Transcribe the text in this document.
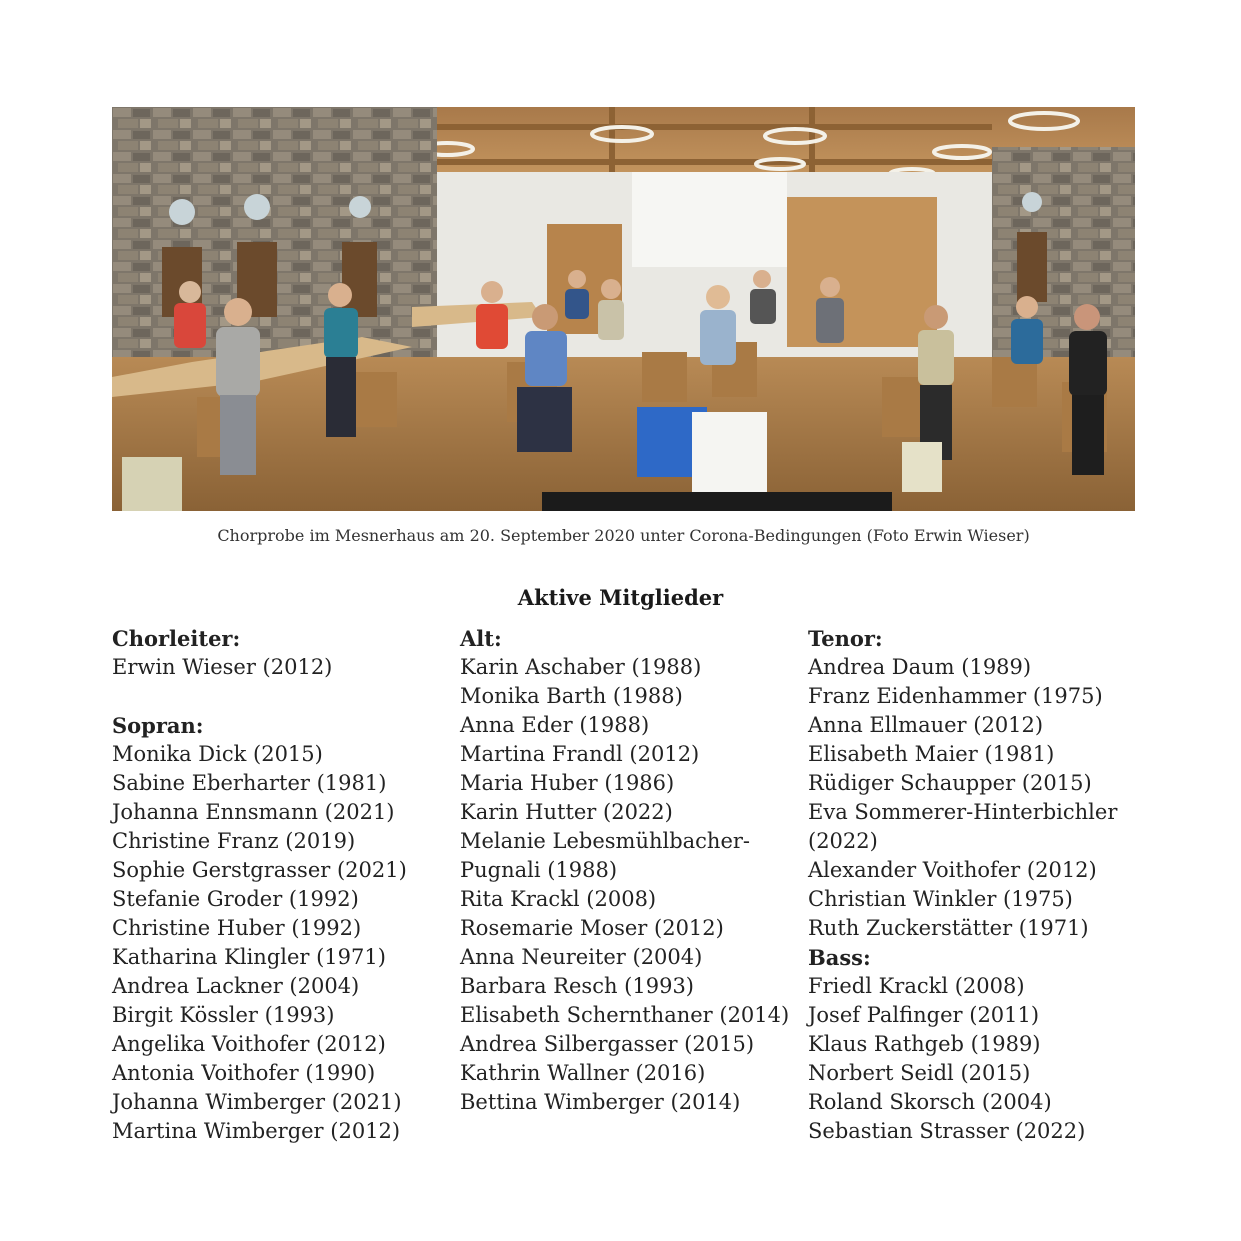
Chorprobe im Mesnerhaus am 20. September 2020 unter Corona-Bedingungen (Foto Erwin Wieser)
Aktive Mitglieder
Chorleiter:
Erwin Wieser (2012)
Sopran:
Monika Dick (2015)
Sabine Eberharter (1981)
Johanna Ennsmann (2021)
Christine Franz (2019)
Sophie Gerstgrasser (2021)
Stefanie Groder (1992)
Christine Huber (1992)
Katharina Klingler (1971)
Andrea Lackner (2004)
Birgit Kössler (1993)
Angelika Voithofer (2012)
Antonia Voithofer (1990)
Johanna Wimberger (2021)
Martina Wimberger (2012)
Alt:
Karin Aschaber (1988)
Monika Barth (1988)
Anna Eder (1988)
Martina Frandl (2012)
Maria Huber (1986)
Karin Hutter (2022)
Melanie Lebesmühlbacher-
Pugnali (1988)
Rita Krackl (2008)
Rosemarie Moser (2012)
Anna Neureiter (2004)
Barbara Resch (1993)
Elisabeth Schernthaner (2014)
Andrea Silbergasser (2015)
Kathrin Wallner (2016)
Bettina Wimberger (2014)
Tenor:
Andrea Daum (1989)
Franz Eidenhammer (1975)
Anna Ellmauer (2012)
Elisabeth Maier (1981)
Rüdiger Schaupper (2015)
Eva Sommerer-Hinterbichler
(2022)
Alexander Voithofer (2012)
Christian Winkler (1975)
Ruth Zuckerstätter (1971)
Bass:
Friedl Krackl (2008)
Josef Palfinger (2011)
Klaus Rathgeb (1989)
Norbert Seidl (2015)
Roland Skorsch (2004)
Sebastian Strasser (2022)
